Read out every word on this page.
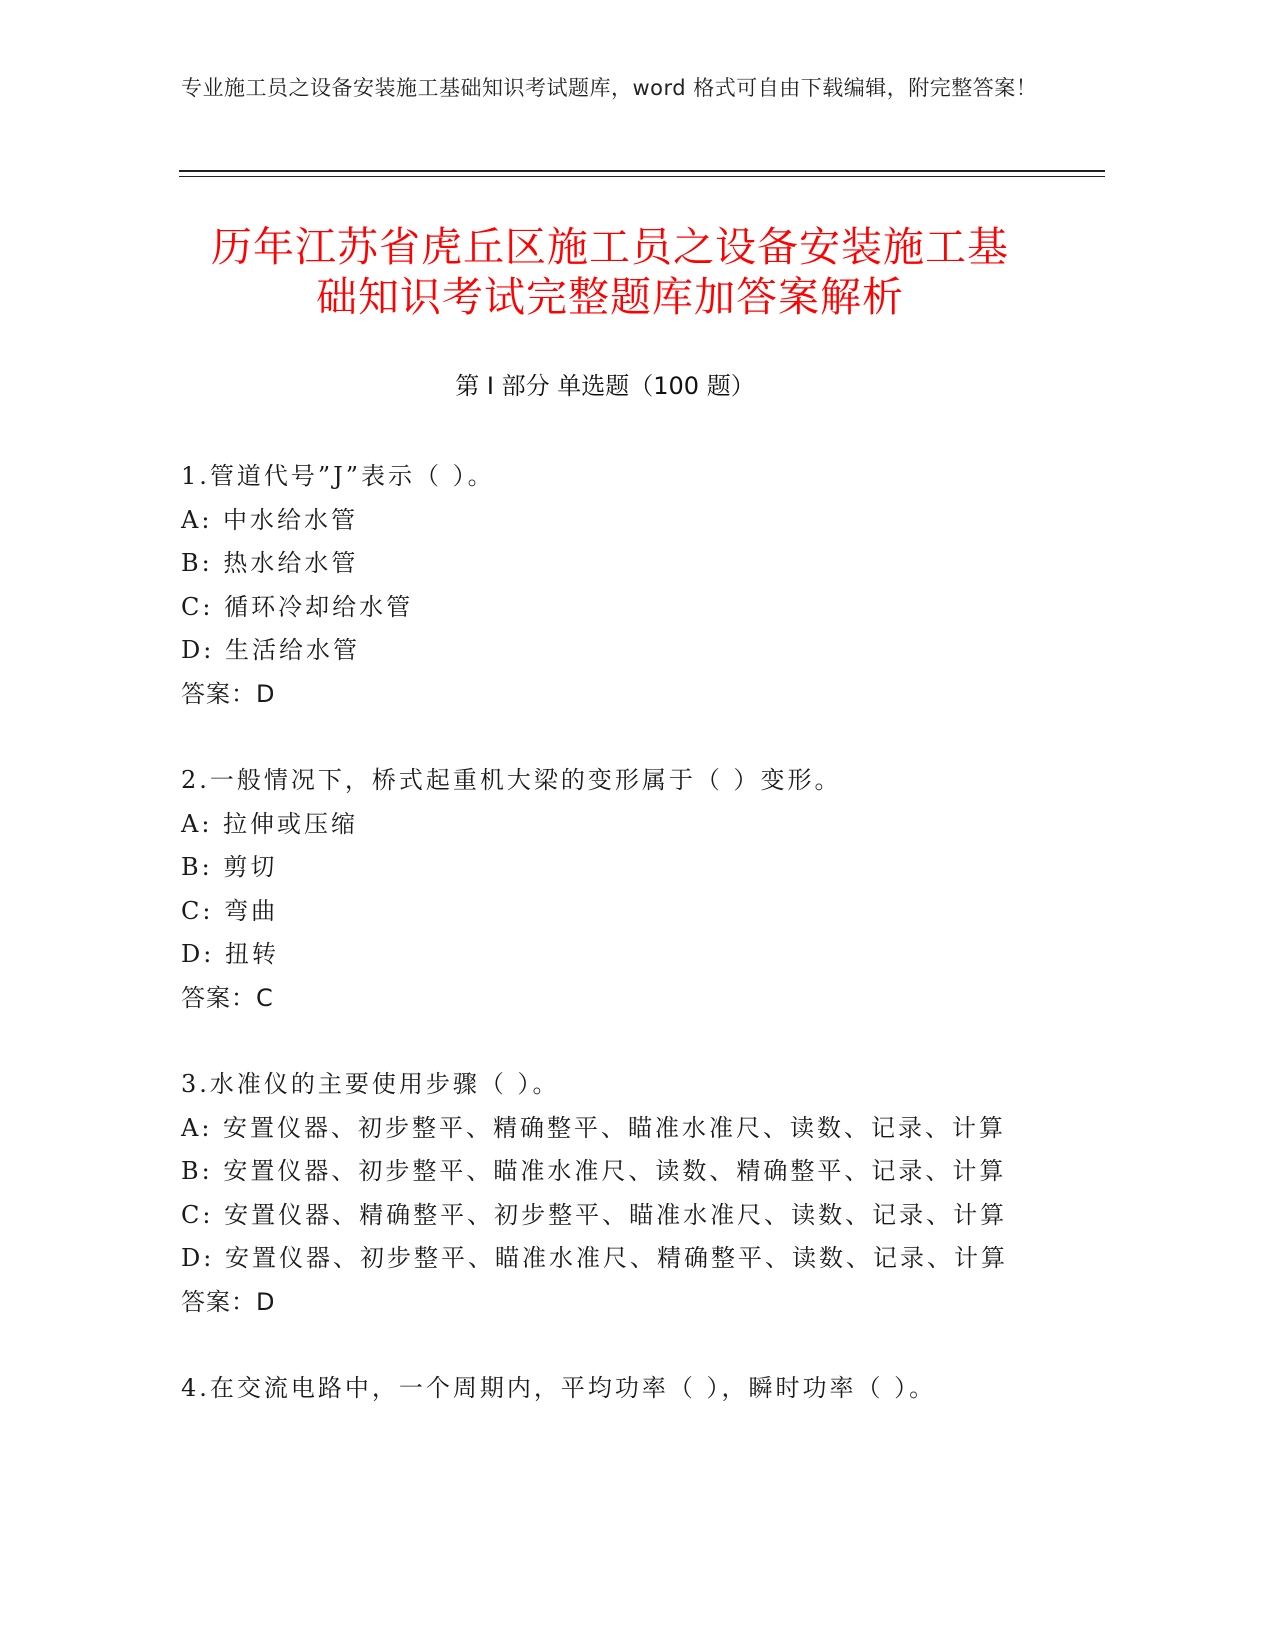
专业施工员之设备安装施工基础知识考试题库，word 格式可自由下载编辑，附完整答案！
历年江苏省虎丘区施工员之设备安装施工基
础知识考试完整题库加答案解析
第 I 部分 单选题（100 题）
1.管道代号”J”表示（ ）。
A: 中水给水管
B: 热水给水管
C: 循环冷却给水管
D: 生活给水管
答案：D
2.一般情况下，桥式起重机大梁的变形属于（ ）变形。
A: 拉伸或压缩
B: 剪切
C: 弯曲
D: 扭转
答案：C
3.水准仪的主要使用步骤（ ）。
A: 安置仪器、初步整平、精确整平、瞄准水准尺、读数、记录、计算
B: 安置仪器、初步整平、瞄准水准尺、读数、精确整平、记录、计算
C: 安置仪器、精确整平、初步整平、瞄准水准尺、读数、记录、计算
D: 安置仪器、初步整平、瞄准水准尺、精确整平、读数、记录、计算
答案：D
4.在交流电路中，一个周期内，平均功率（ ），瞬时功率（ ）。
